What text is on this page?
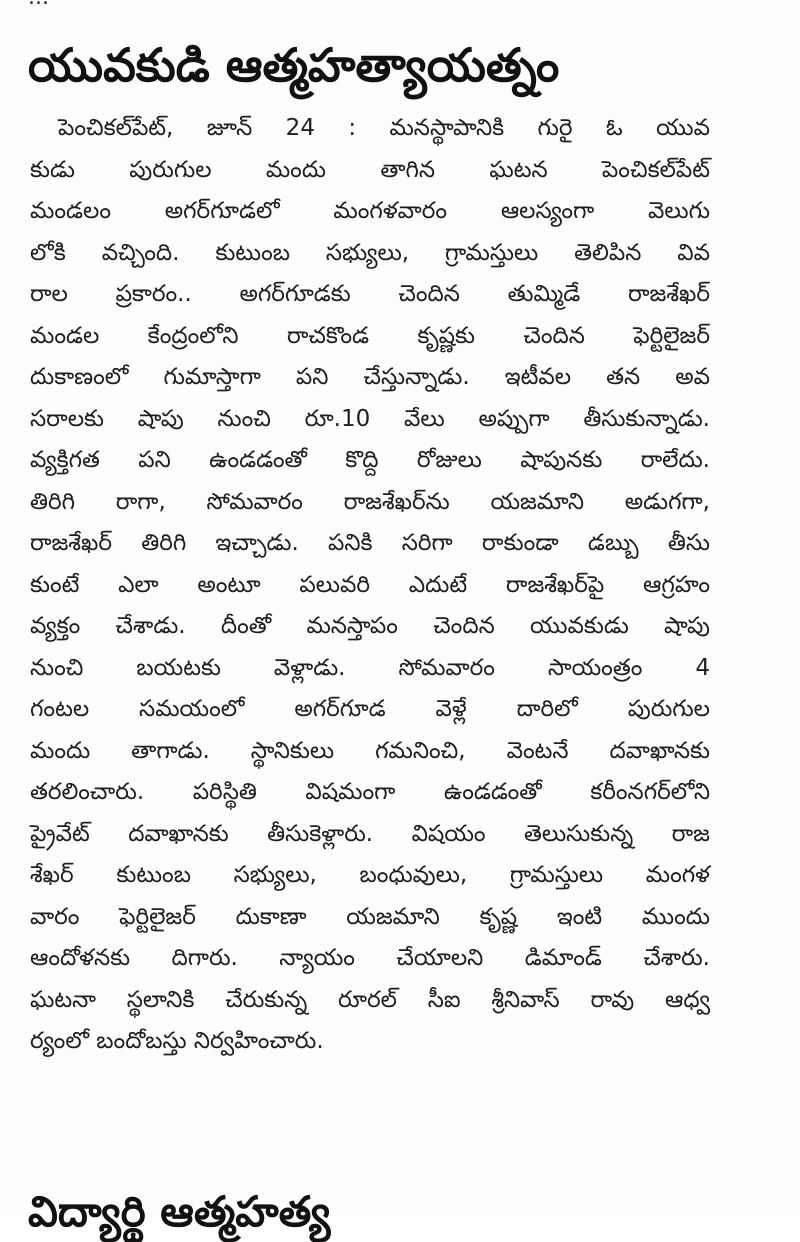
యువకుడి ఆత్మహత్యాయత్నం
పెంచికల్‌పేట్, జూన్ 24 : మనస్థాపానికి గురై ఓ యువ
కుడు పురుగుల మందు తాగిన ఘటన పెంచికల్‌పేట్
మండలం అగర్‌గూడలో మంగళవారం ఆలస్యంగా వెలుగు
లోకి వచ్చింది. కుటుంబ సభ్యులు, గ్రామస్తులు తెలిపిన వివ
రాల ప్రకారం.. అగర్‌గూడకు చెందిన తుమ్మిడే రాజశేఖర్
మండల కేంద్రంలోని రాచకొండ కృష్ణకు చెందిన ఫెర్టిలైజర్
దుకాణంలో గుమాస్తాగా పని చేస్తున్నాడు. ఇటీవల తన అవ
సరాలకు షాపు నుంచి రూ.10 వేలు అప్పుగా తీసుకున్నాడు.
వ్యక్తిగత పని ఉండడంతో కొద్ది రోజులు షాపునకు రాలేదు.
తిరిగి రాగా, సోమవారం రాజశేఖర్‌ను యజమాని అడుగగా,
రాజశేఖర్ తిరిగి ఇచ్చాడు. పనికి సరిగా రాకుండా డబ్బు తీసు
కుంటే ఎలా అంటూ పలువరి ఎదుటే రాజశేఖర్‌పై ఆగ్రహం
వ్యక్తం చేశాడు. దీంతో మనస్తాపం చెందిన యువకుడు షాపు
నుంచి బయటకు వెళ్లాడు. సోమవారం సాయంత్రం 4
గంటల సమయంలో అగర్‌గూడ వెళ్లే దారిలో పురుగుల
మందు తాగాడు. స్థానికులు గమనించి, వెంటనే దవాఖానకు
తరలించారు. పరిస్థితి విషమంగా ఉండడంతో కరీంనగర్‌లోని
ప్రైవేట్ దవాఖానకు తీసుకెళ్లారు. విషయం తెలుసుకున్న రాజ
శేఖర్ కుటుంబ సభ్యులు, బంధువులు, గ్రామస్తులు మంగళ
వారం ఫెర్టిలైజర్ దుకాణా యజమాని కృష్ణ ఇంటి ముందు
ఆందోళనకు దిగారు. న్యాయం చేయాలని డిమాండ్ చేశారు.
ఘటనా స్థలానికి చేరుకున్న రూరల్ సీఐ శ్రీనివాస్ రావు ఆధ్వ
ర్యంలో బందోబస్తు నిర్వహించారు.
విద్యార్థి ఆత్మహత్య
